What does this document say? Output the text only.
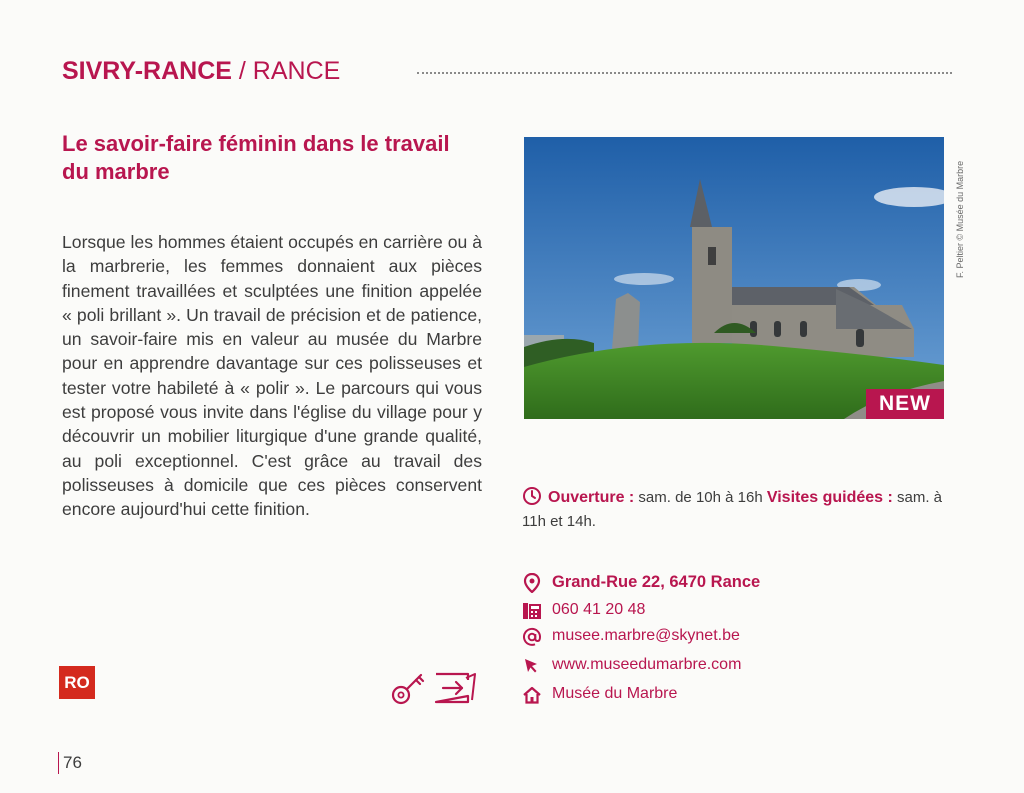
SIVRY-RANCE / RANCE
Le savoir-faire féminin dans le travail du marbre

Lorsque les hommes étaient occupés en carrière ou à la marbrerie, les femmes donnaient aux pièces finement travaillées et sculptées une finition appelée « poli brillant ». Un travail de précision et de patience, un savoir-faire mis en valeur au musée du Marbre pour en apprendre davantage sur ces polisseuses et tester votre habileté à « polir ». Le parcours qui vous est proposé vous invite dans l'église du village pour y découvrir un mobilier liturgique d'une grande qualité, au poli exceptionnel. C'est grâce au travail des polisseuses à domicile que ces pièces conservent encore aujourd'hui cette finition.

NEW
F. Peltier © Musée du Marbre
Ouverture : sam. de 10h à 16h Visites guidées : sam. à 11h et 14h.
Grand-Rue 22, 6470 Rance
060 41 20 48
musee.marbre@skynet.be
www.museedumarbre.com
Musée du Marbre
RO
76
